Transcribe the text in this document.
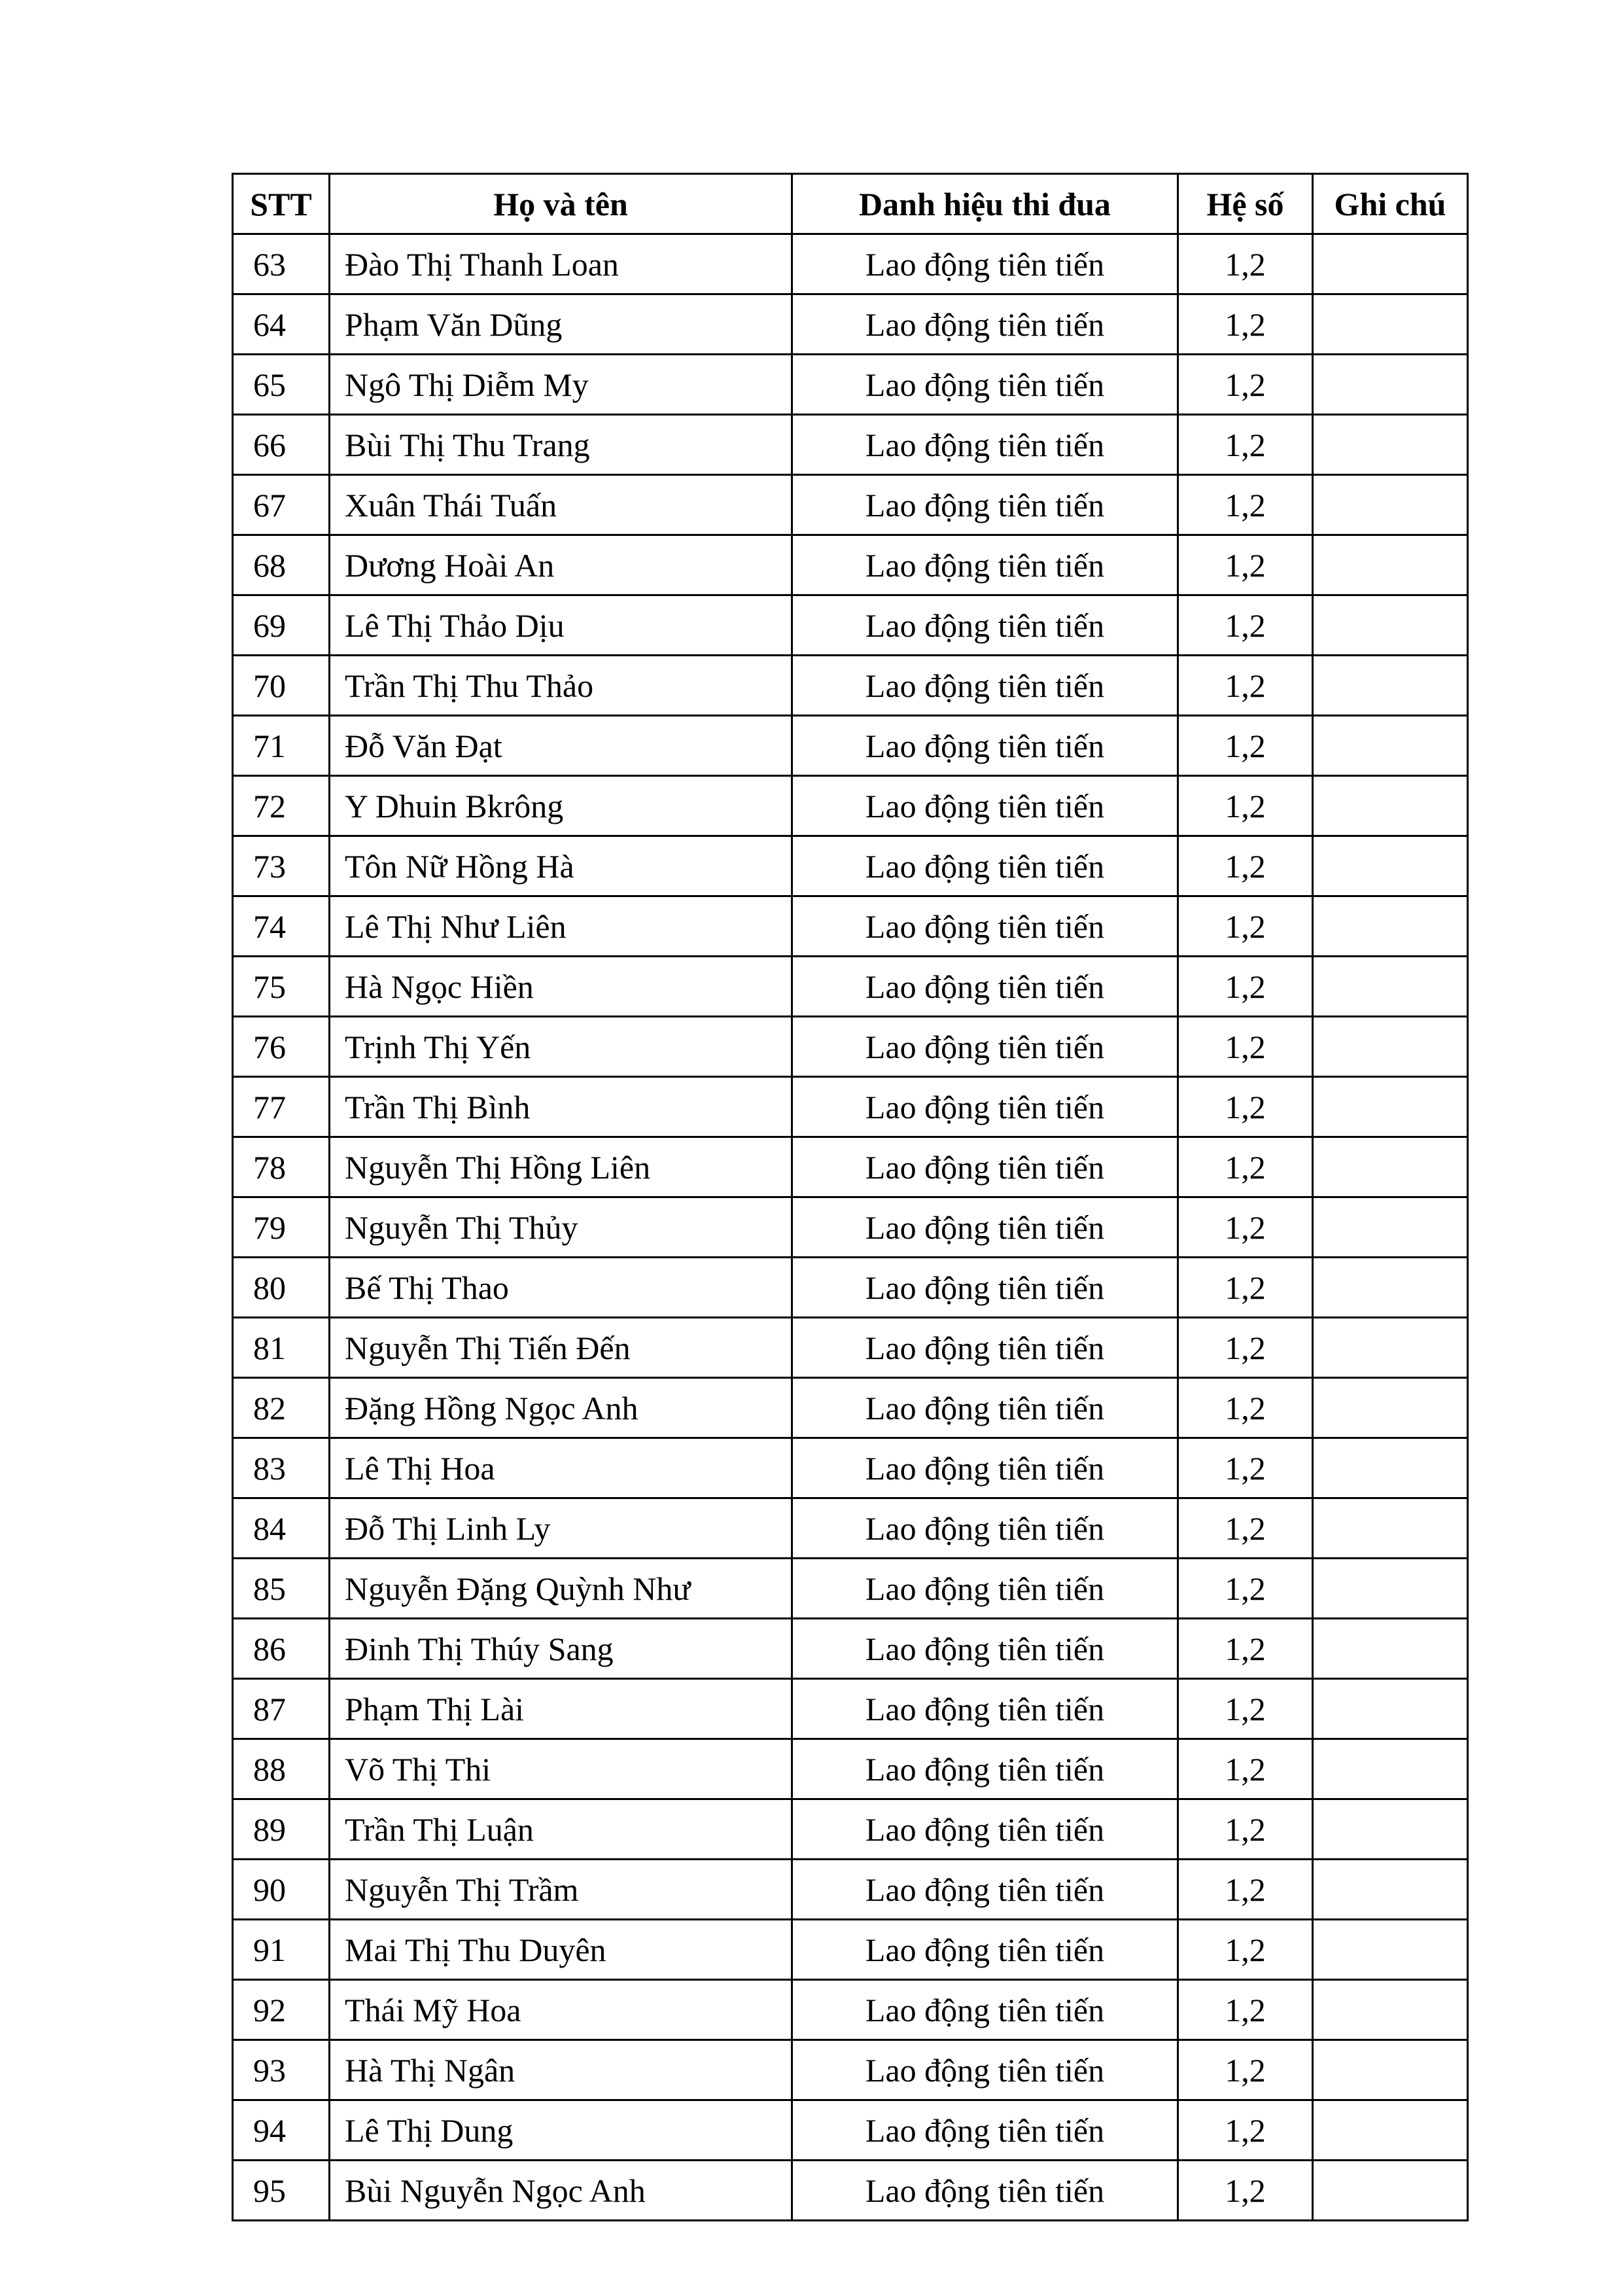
STT	Họ và tên	Danh hiệu thi đua	Hệ số	Ghi chú
63	Đào Thị Thanh Loan	Lao động tiên tiến	1,2	
64	Phạm Văn Dũng	Lao động tiên tiến	1,2	
65	Ngô Thị Diễm My	Lao động tiên tiến	1,2	
66	Bùi Thị Thu Trang	Lao động tiên tiến	1,2	
67	Xuân Thái Tuấn	Lao động tiên tiến	1,2	
68	Dương Hoài An	Lao động tiên tiến	1,2	
69	Lê Thị Thảo Dịu	Lao động tiên tiến	1,2	
70	Trần Thị Thu Thảo	Lao động tiên tiến	1,2	
71	Đỗ Văn Đạt	Lao động tiên tiến	1,2	
72	Y Dhuin Bkrông	Lao động tiên tiến	1,2	
73	Tôn Nữ Hồng Hà	Lao động tiên tiến	1,2	
74	Lê Thị Như Liên	Lao động tiên tiến	1,2	
75	Hà Ngọc Hiền	Lao động tiên tiến	1,2	
76	Trịnh Thị Yến	Lao động tiên tiến	1,2	
77	Trần Thị Bình	Lao động tiên tiến	1,2	
78	Nguyễn Thị Hồng Liên	Lao động tiên tiến	1,2	
79	Nguyễn Thị Thủy	Lao động tiên tiến	1,2	
80	Bế Thị Thao	Lao động tiên tiến	1,2	
81	Nguyễn Thị Tiến Đến	Lao động tiên tiến	1,2	
82	Đặng Hồng Ngọc Anh	Lao động tiên tiến	1,2	
83	Lê Thị Hoa	Lao động tiên tiến	1,2	
84	Đỗ Thị Linh Ly	Lao động tiên tiến	1,2	
85	Nguyễn Đặng Quỳnh Như	Lao động tiên tiến	1,2	
86	Đinh Thị Thúy Sang	Lao động tiên tiến	1,2	
87	Phạm Thị Lài	Lao động tiên tiến	1,2	
88	Võ Thị Thi	Lao động tiên tiến	1,2	
89	Trần Thị Luận	Lao động tiên tiến	1,2	
90	Nguyễn Thị Trầm	Lao động tiên tiến	1,2	
91	Mai Thị Thu Duyên	Lao động tiên tiến	1,2	
92	Thái Mỹ Hoa	Lao động tiên tiến	1,2	
93	Hà Thị Ngân	Lao động tiên tiến	1,2	
94	Lê Thị Dung	Lao động tiên tiến	1,2	
95	Bùi Nguyễn Ngọc Anh	Lao động tiên tiến	1,2	
